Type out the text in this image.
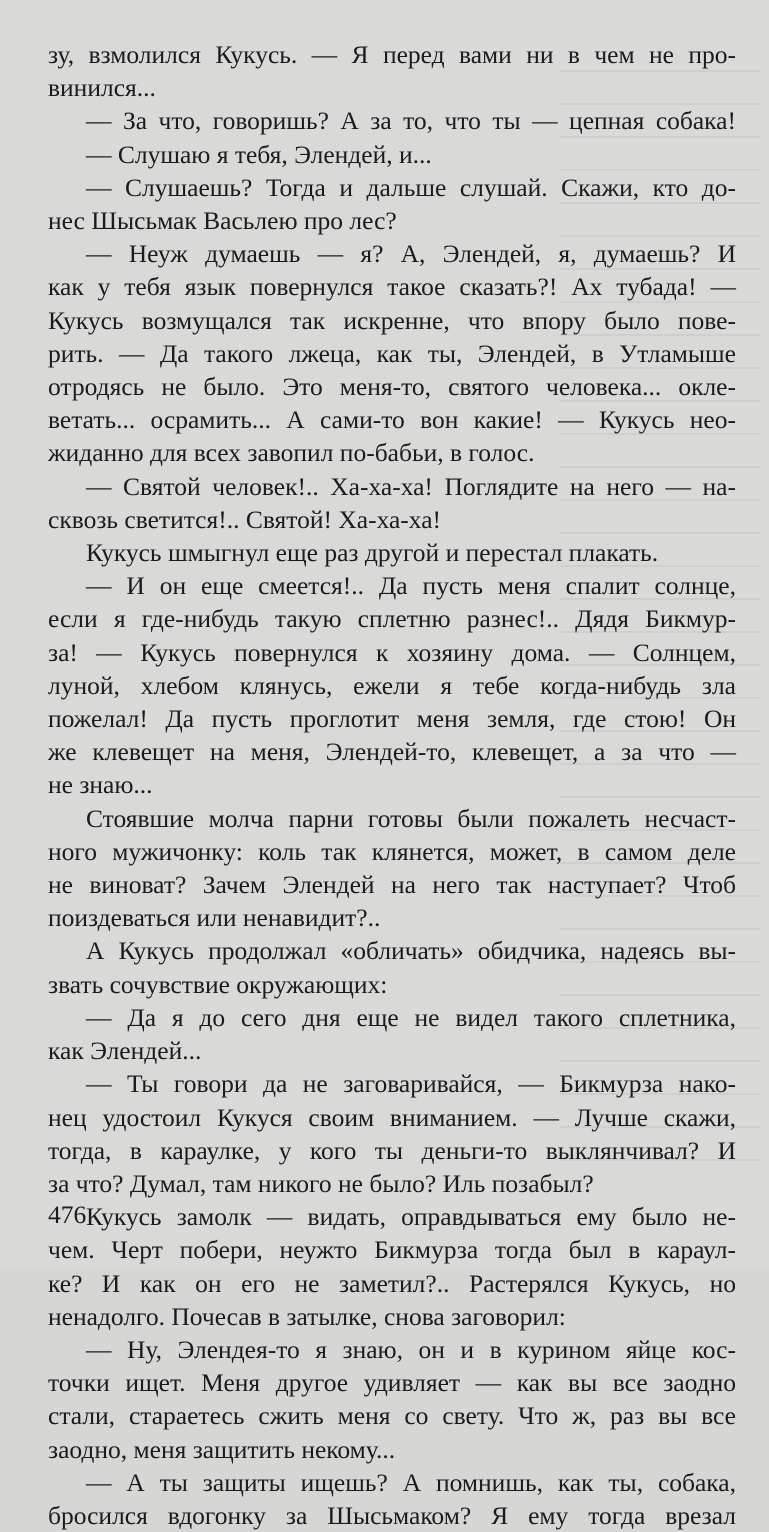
зу, взмолился Кукусь. — Я перед вами ни в чем не про-
винился...
— За что, говоришь? А за то, что ты — цепная собака!
— Слушаю я тебя, Элендей, и...
— Слушаешь? Тогда и дальше слушай. Скажи, кто до-
нес Шысьмак Васьлею про лес?
— Неуж думаешь — я? А, Элендей, я, думаешь? И
как у тебя язык повернулся такое сказать?! Ах тубада! —
Кукусь возмущался так искренне, что впору было пове-
рить. — Да такого лжеца, как ты, Элендей, в Утламыше
отродясь не было. Это меня-то, святого человека... окле-
ветать... осрамить... А сами-то вон какие! — Кукусь нео-
жиданно для всех завопил по-бабьи, в голос.
— Святой человек!.. Ха-ха-ха! Поглядите на него — на-
сквозь светится!.. Святой! Ха-ха-ха!
Кукусь шмыгнул еще раз другой и перестал плакать.
— И он еще смеется!.. Да пусть меня спалит солнце,
если я где-нибудь такую сплетню разнес!.. Дядя Бикмур-
за! — Кукусь повернулся к хозяину дома. — Солнцем,
луной, хлебом клянусь, ежели я тебе когда-нибудь зла
пожелал! Да пусть проглотит меня земля, где стою! Он
же клевещет на меня, Элендей-то, клевещет, а за что —
не знаю...
Стоявшие молча парни готовы были пожалеть несчаст-
ного мужичонку: коль так клянется, может, в самом деле
не виноват? Зачем Элендей на него так наступает? Чтоб
поиздеваться или ненавидит?..
А Кукусь продолжал «обличать» обидчика, надеясь вы-
звать сочувствие окружающих:
— Да я до сего дня еще не видел такого сплетника,
как Элендей...
— Ты говори да не заговаривайся, — Бикмурза нако-
нец удостоил Кукуся своим вниманием. — Лучше скажи,
тогда, в караулке, у кого ты деньги-то выклянчивал? И
за что? Думал, там никого не было? Иль позабыл?
Кукусь замолк — видать, оправдываться ему было не-
чем. Черт побери, неужто Бикмурза тогда был в караул-
ке? И как он его не заметил?.. Растерялся Кукусь, но
ненадолго. Почесав в затылке, снова заговорил:
— Ну, Элендея-то я знаю, он и в курином яйце кос-
точки ищет. Меня другое удивляет — как вы все заодно
стали, стараетесь сжить меня со свету. Что ж, раз вы все
заодно, меня защитить некому...
— А ты защиты ищешь? А помнишь, как ты, собака,
бросился вдогонку за Шысьмаком? Я ему тогда врезал
476
